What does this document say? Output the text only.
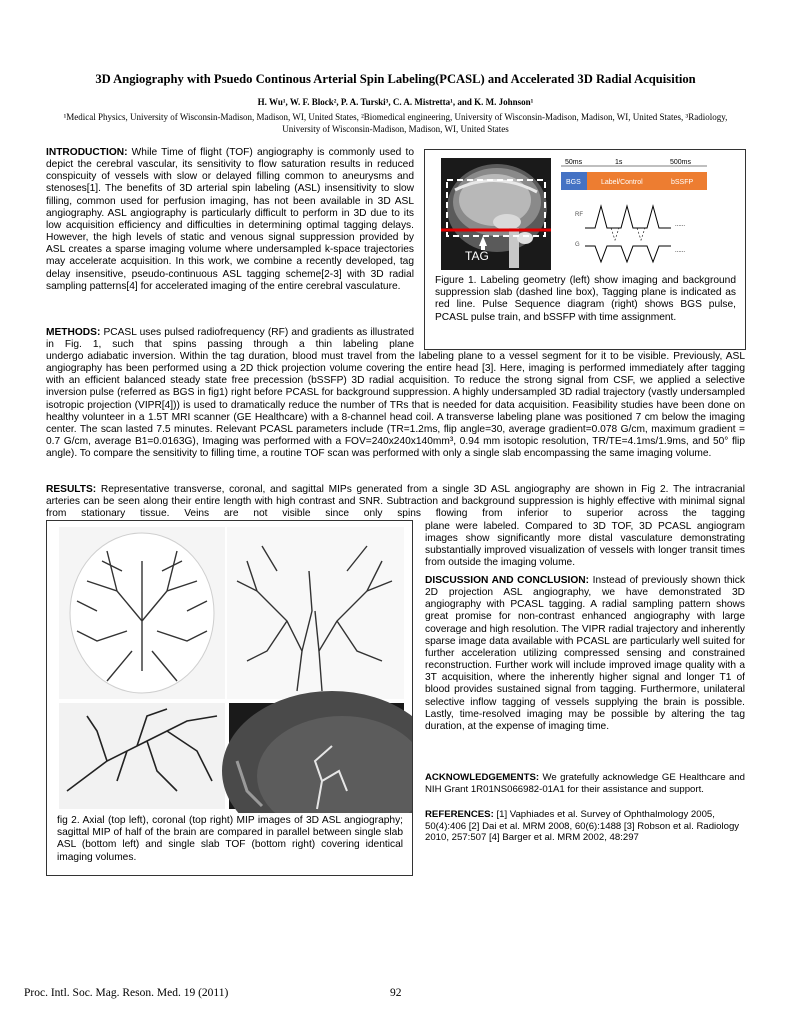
3D Angiography with Psuedo Continous Arterial Spin Labeling(PCASL) and Accelerated 3D Radial Acquisition
H. Wu¹, W. F. Block², P. A. Turski³, C. A. Mistretta¹, and K. M. Johnson¹
¹Medical Physics, University of Wisconsin-Madison, Madison, WI, United States, ²Biomedical engineering, University of Wisconsin-Madison, Madison, WI, United States, ³Radiology, University of Wisconsin-Madison, Madison, WI, United States

INTRODUCTION: While Time of flight (TOF) angiography is commonly used to depict the cerebral vascular, its sensitivity to flow saturation results in reduced conspicuity of vessels with slow or delayed filling common to aneurysms and stenoses[1]. The benefits of 3D arterial spin labeling (ASL) insensitivity to slow filling, common used for perfusion imaging, has not been available in 3D ASL angiography. ASL angiography is particularly difficult to perform in 3D due to its low acquisition efficiency and difficulties in determining optimal tagging delays. However, the high levels of static and venous signal suppression provided by ASL creates a sparse imaging volume where undersampled k-space trajectories may accelerate acquisition. In this work, we combine a recently developed, tag delay insensitive, pseudo-continuous ASL tagging scheme[2-3] with 3D radial sampling patterns[4] for accelerated imaging of the entire cerebral vasculature.

METHODS: PCASL uses pulsed radiofrequency (RF) and gradients as illustrated in Fig. 1, such that spins passing through a thin labeling plane

undergo adiabatic inversion. Within the tag duration, blood must travel from the labeling plane to a vessel segment for it to be visible. Previously, ASL angiography has been performed using a 2D thick projection volume covering the entire head [3]. Here, imaging is performed immediately after tagging with an efficient balanced steady state free precession (bSSFP) 3D radial acquisition. To reduce the strong signal from CSF, we applied a selective inversion pulse (referred as BGS in fig1) right before PCASL for background suppression. A highly undersampled 3D radial trajectory (vastly undersampled isotropic projection (VIPR[4])) is used to dramatically reduce the number of TRs that is needed for data acquisition. Feasibility studies have been done on healthy volunteer in a 1.5T MRI scanner (GE Healthcare) with a 8-channel head coil. A transverse labeling plane was positioned 7 cm below the imaging center. The scan lasted 7.5 minutes. Relevant PCASL parameters include (TR=1.2ms, flip angle=30, average gradient=0.078 G/cm, maximum gradient = 0.7 G/cm, average B1=0.0163G), Imaging was performed with a FOV=240x240x140mm³, 0.94 mm isotopic resolution, TR/TE=4.1ms/1.9ms, and 50° flip angle). To compare the sensitivity to filling time, a routine TOF scan was performed with only a single slab encompassing the same imaging volume.

RESULTS: Representative transverse, coronal, and sagittal MIPs generated from a single 3D ASL angiography are shown in Fig 2. The intracranial arteries can be seen along their entire length with high contrast and SNR. Subtraction and background suppression is highly effective with minimal signal from stationary tissue. Veins are not visible since only spins flowing from inferior to superior across the tagging

plane were labeled. Compared to 3D TOF, 3D PCASL angiogram images show significantly more distal vasculature demonstrating substantially improved visualization of vessels with longer transit times from outside the imaging volume.

DISCUSSION AND CONCLUSION: Instead of previously shown thick 2D projection ASL angiography, we have demonstrated 3D angiography with PCASL tagging. A radial sampling pattern shows great promise for non-contrast enhanced angiography with large coverage and high resolution. The VIPR radial trajectory and inherently sparse image data available with PCASL are particularly well suited for further acceleration utilizing compressed sensing and constrained reconstruction. Further work will include improved image quality with a 3T acquisition, where the inherently higher signal and longer T1 of blood provides sustained signal from tagging. Furthermore, unilateral selective inflow tagging of vessels supplying the brain is possible. Lastly, time-resolved imaging may be possible by altering the tag duration, at the expense of imaging time.

ACKNOWLEDGEMENTS: We gratefully acknowledge GE Healthcare and NIH Grant 1R01NS066982-01A1 for their assistance and support.

REFERENCES: [1] Vaphiades et al. Survey of Ophthalmology 2005, 50(4):406 [2] Dai et al. MRM 2008, 60(6):1488 [3] Robson et al. Radiology 2010, 257:507 [4] Barger et al. MRM 2002, 48:297

TAG
50ms	1s	500ms
BGS	Label/Control	bSSFP
RF
......
G
......

Figure 1. Labeling geometry (left) show imaging and background suppression slab (dashed line box), Tagging plane is indicated as red line. Pulse Sequence diagram (right) shows BGS pulse, PCASL pulse train, and bSSFP with time assignment.

fig 2. Axial (top left), coronal (top right) MIP images of 3D ASL angiography; sagittal MIP of half of the brain are compared in parallel between single slab ASL (bottom left) and single slab TOF (bottom right) covering identical imaging volumes.

Proc. Intl. Soc. Mag. Reson. Med. 19 (2011)	92
